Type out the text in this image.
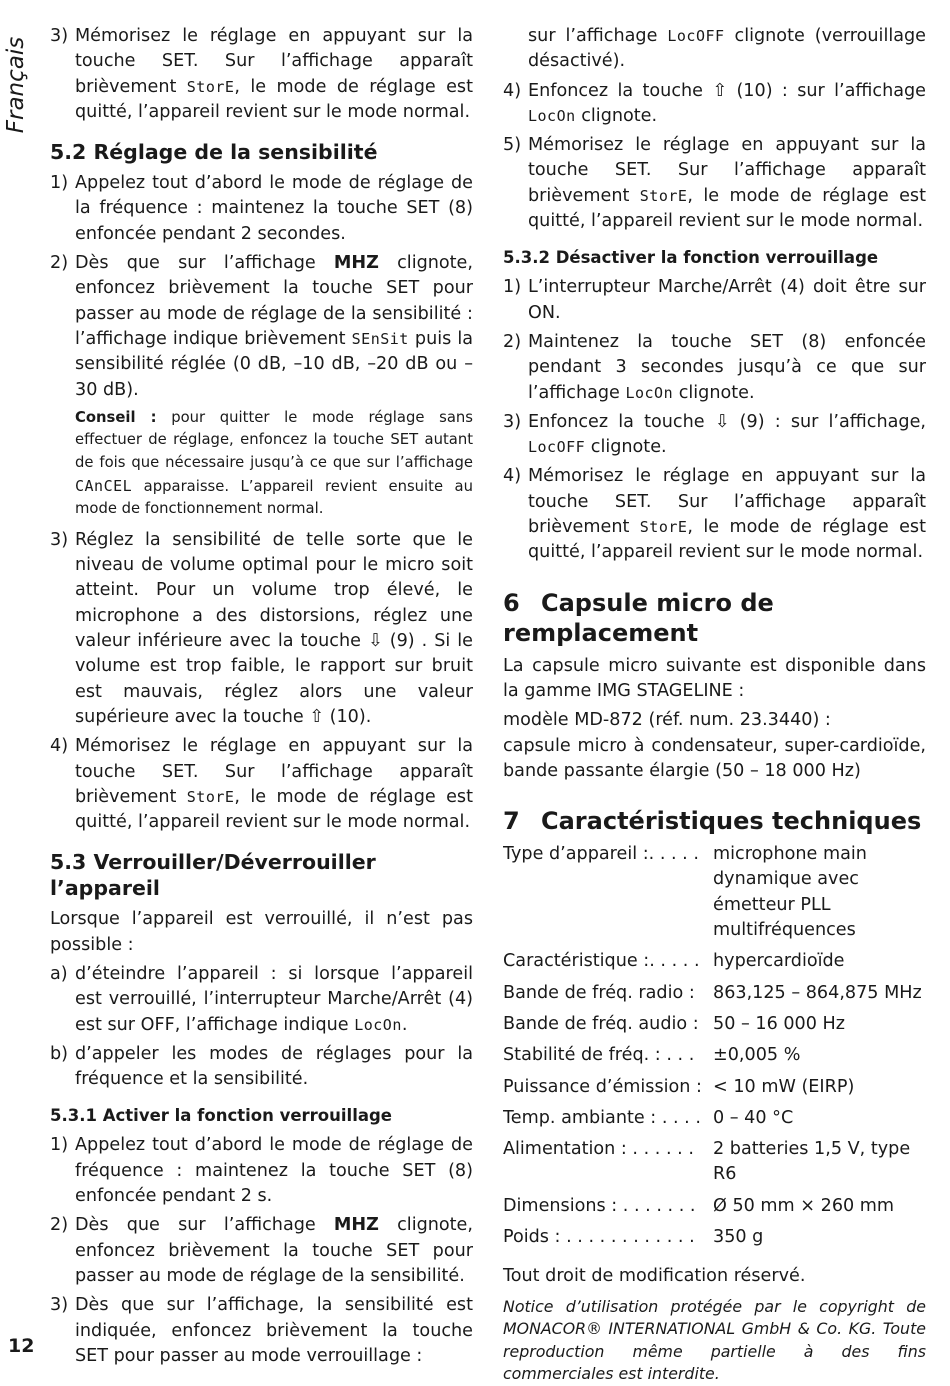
Français
12
3) Mémorisez le réglage en appuyant sur la touche SET. Sur l’affichage apparaît brièvement StorE, le mode de réglage est quitté, l’appareil revient sur le mode normal.
5.2 Réglage de la sensibilité
1) Appelez tout d’abord le mode de réglage de la fréquence : maintenez la touche SET (8) enfoncée pendant 2 secondes.
2) Dès que sur l’affichage MHZ clignote, enfoncez brièvement la touche SET pour passer au mode de réglage de la sensibilité : l’affichage indique brièvement SEnSit puis la sensibilité réglée (0 dB, –10 dB, –20 dB ou –30 dB).
Conseil : pour quitter le mode réglage sans effectuer de réglage, enfoncez la touche SET autant de fois que nécessaire jusqu’à ce que sur l’affichage CAnCEL apparaisse. L’appareil revient ensuite au mode de fonctionnement normal.
3) Réglez la sensibilité de telle sorte que le niveau de volume optimal pour le micro soit atteint. Pour un volume trop élevé, le microphone a des distorsions, réglez une valeur inférieure avec la touche ⇩ (9) . Si le volume est trop faible, le rapport sur bruit est mauvais, réglez alors une valeur supérieure avec la touche ⇧ (10).
4) Mémorisez le réglage en appuyant sur la touche SET. Sur l’affichage apparaît brièvement StorE, le mode de réglage est quitté, l’appareil revient sur le mode normal.
5.3 Verrouiller/Déverrouiller l’appareil
Lorsque l’appareil est verrouillé, il n’est pas possible :
a) d’éteindre l’appareil : si lorsque l’appareil est verrouillé, l’interrupteur Marche/Arrêt (4) est sur OFF, l’affichage indique LocOn.
b) d’appeler les modes de réglages pour la fréquence et la sensibilité.
5.3.1 Activer la fonction verrouillage
1) Appelez tout d’abord le mode de réglage de fréquence : maintenez la touche SET (8) enfoncée pendant 2 s.
2) Dès que sur l’affichage MHZ clignote, enfoncez brièvement la touche SET pour passer au mode de réglage de la sensibilité.
3) Dès que sur l’affichage, la sensibilité est indiquée, enfoncez brièvement la touche SET pour passer au mode verrouillage :
sur l’affichage LocOFF clignote (verrouillage désactivé).
4) Enfoncez la touche ⇧ (10) : sur l’affichage LocOn clignote.
5) Mémorisez le réglage en appuyant sur la touche SET. Sur l’affichage apparaît brièvement StorE, le mode de réglage est quitté, l’appareil revient sur le mode normal.
5.3.2 Désactiver la fonction verrouillage
1) L’interrupteur Marche/Arrêt (4) doit être sur ON.
2) Maintenez la touche SET (8) enfoncée pendant 3 secondes jusqu’à ce que sur l’affichage LocOn clignote.
3) Enfoncez la touche ⇩ (9) : sur l’affichage, LocOFF clignote.
4) Mémorisez le réglage en appuyant sur la touche SET. Sur l’affichage apparaît brièvement StorE, le mode de réglage est quitté, l’appareil revient sur le mode normal.
6 Capsule micro de remplacement
La capsule micro suivante est disponible dans la gamme IMG STAGELINE :
modèle MD-872 (réf. num. 23.3440) :
capsule micro à condensateur, super-cardioïde, bande passante élargie (50 – 18 000 Hz)
7 Caractéristiques techniques
Type d’appareil :. . . . . microphone main dynamique avec émetteur PLL multifréquences
Caractéristique :. . . . . hypercardioïde
Bande de fréq. radio :	863,125 – 864,875 MHz
Bande de fréq. audio : 50 – 16 000 Hz
Stabilité de fréq. : . . .	±0,005 %
Puissance d’émission : < 10 mW (EIRP)
Temp. ambiante : . . . . 0 – 40 °C
Alimentation : . . . . . .	2 batteries 1,5 V, type R6
Dimensions : . . . . . . . Ø 50 mm × 260 mm
Poids : . . . . . . . . . . . .	350 g
Tout droit de modification réservé.
Notice d’utilisation protégée par le copyright de MONACOR® INTERNATIONAL GmbH & Co. KG. Toute reproduction même partielle à des fins commerciales est interdite.
